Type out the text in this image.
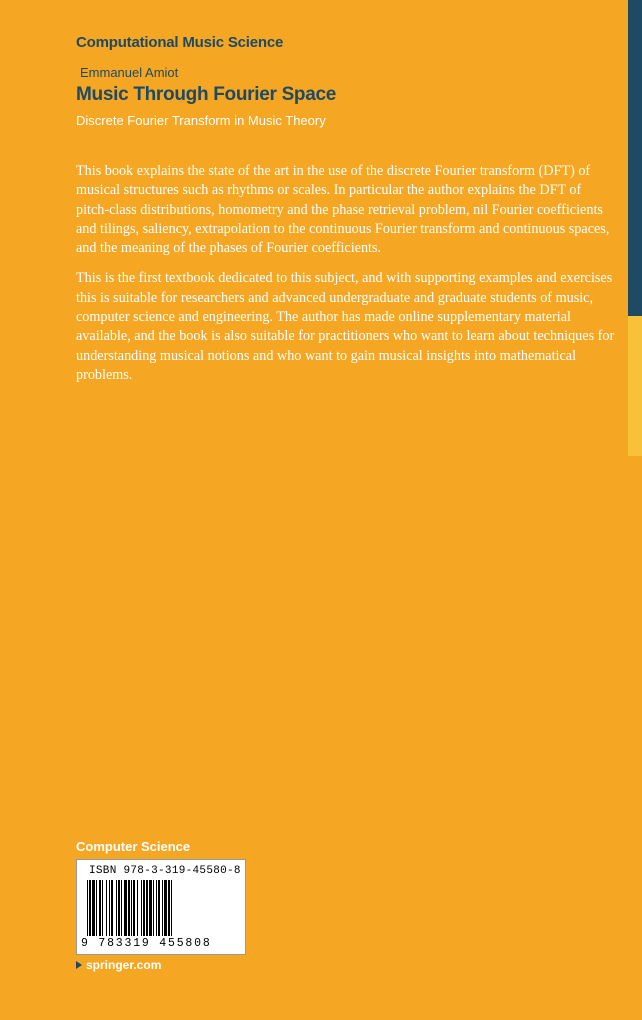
Computational Music Science
Emmanuel Amiot
Music Through Fourier Space
Discrete Fourier Transform in Music Theory

This book explains the state of the art in the use of the discrete Fourier transform (DFT) of musical structures such as rhythms or scales. In particular the author explains the DFT of pitch-class distributions, homometry and the phase retrieval problem, nil Fourier coefficients and tilings, saliency, extrapolation to the continuous Fourier transform and continuous spaces, and the meaning of the phases of Fourier coefficients.

This is the first textbook dedicated to this subject, and with supporting examples and exercises this is suitable for researchers and advanced undergraduate and graduate students of music, computer science and engineering. The author has made online supplementary material available, and the book is also suitable for practitioners who want to learn about techniques for understanding musical notions and who want to gain musical insights into mathematical problems.

Computer Science
ISBN 978-3-319-45580-8
9 783319 455808
springer.com
